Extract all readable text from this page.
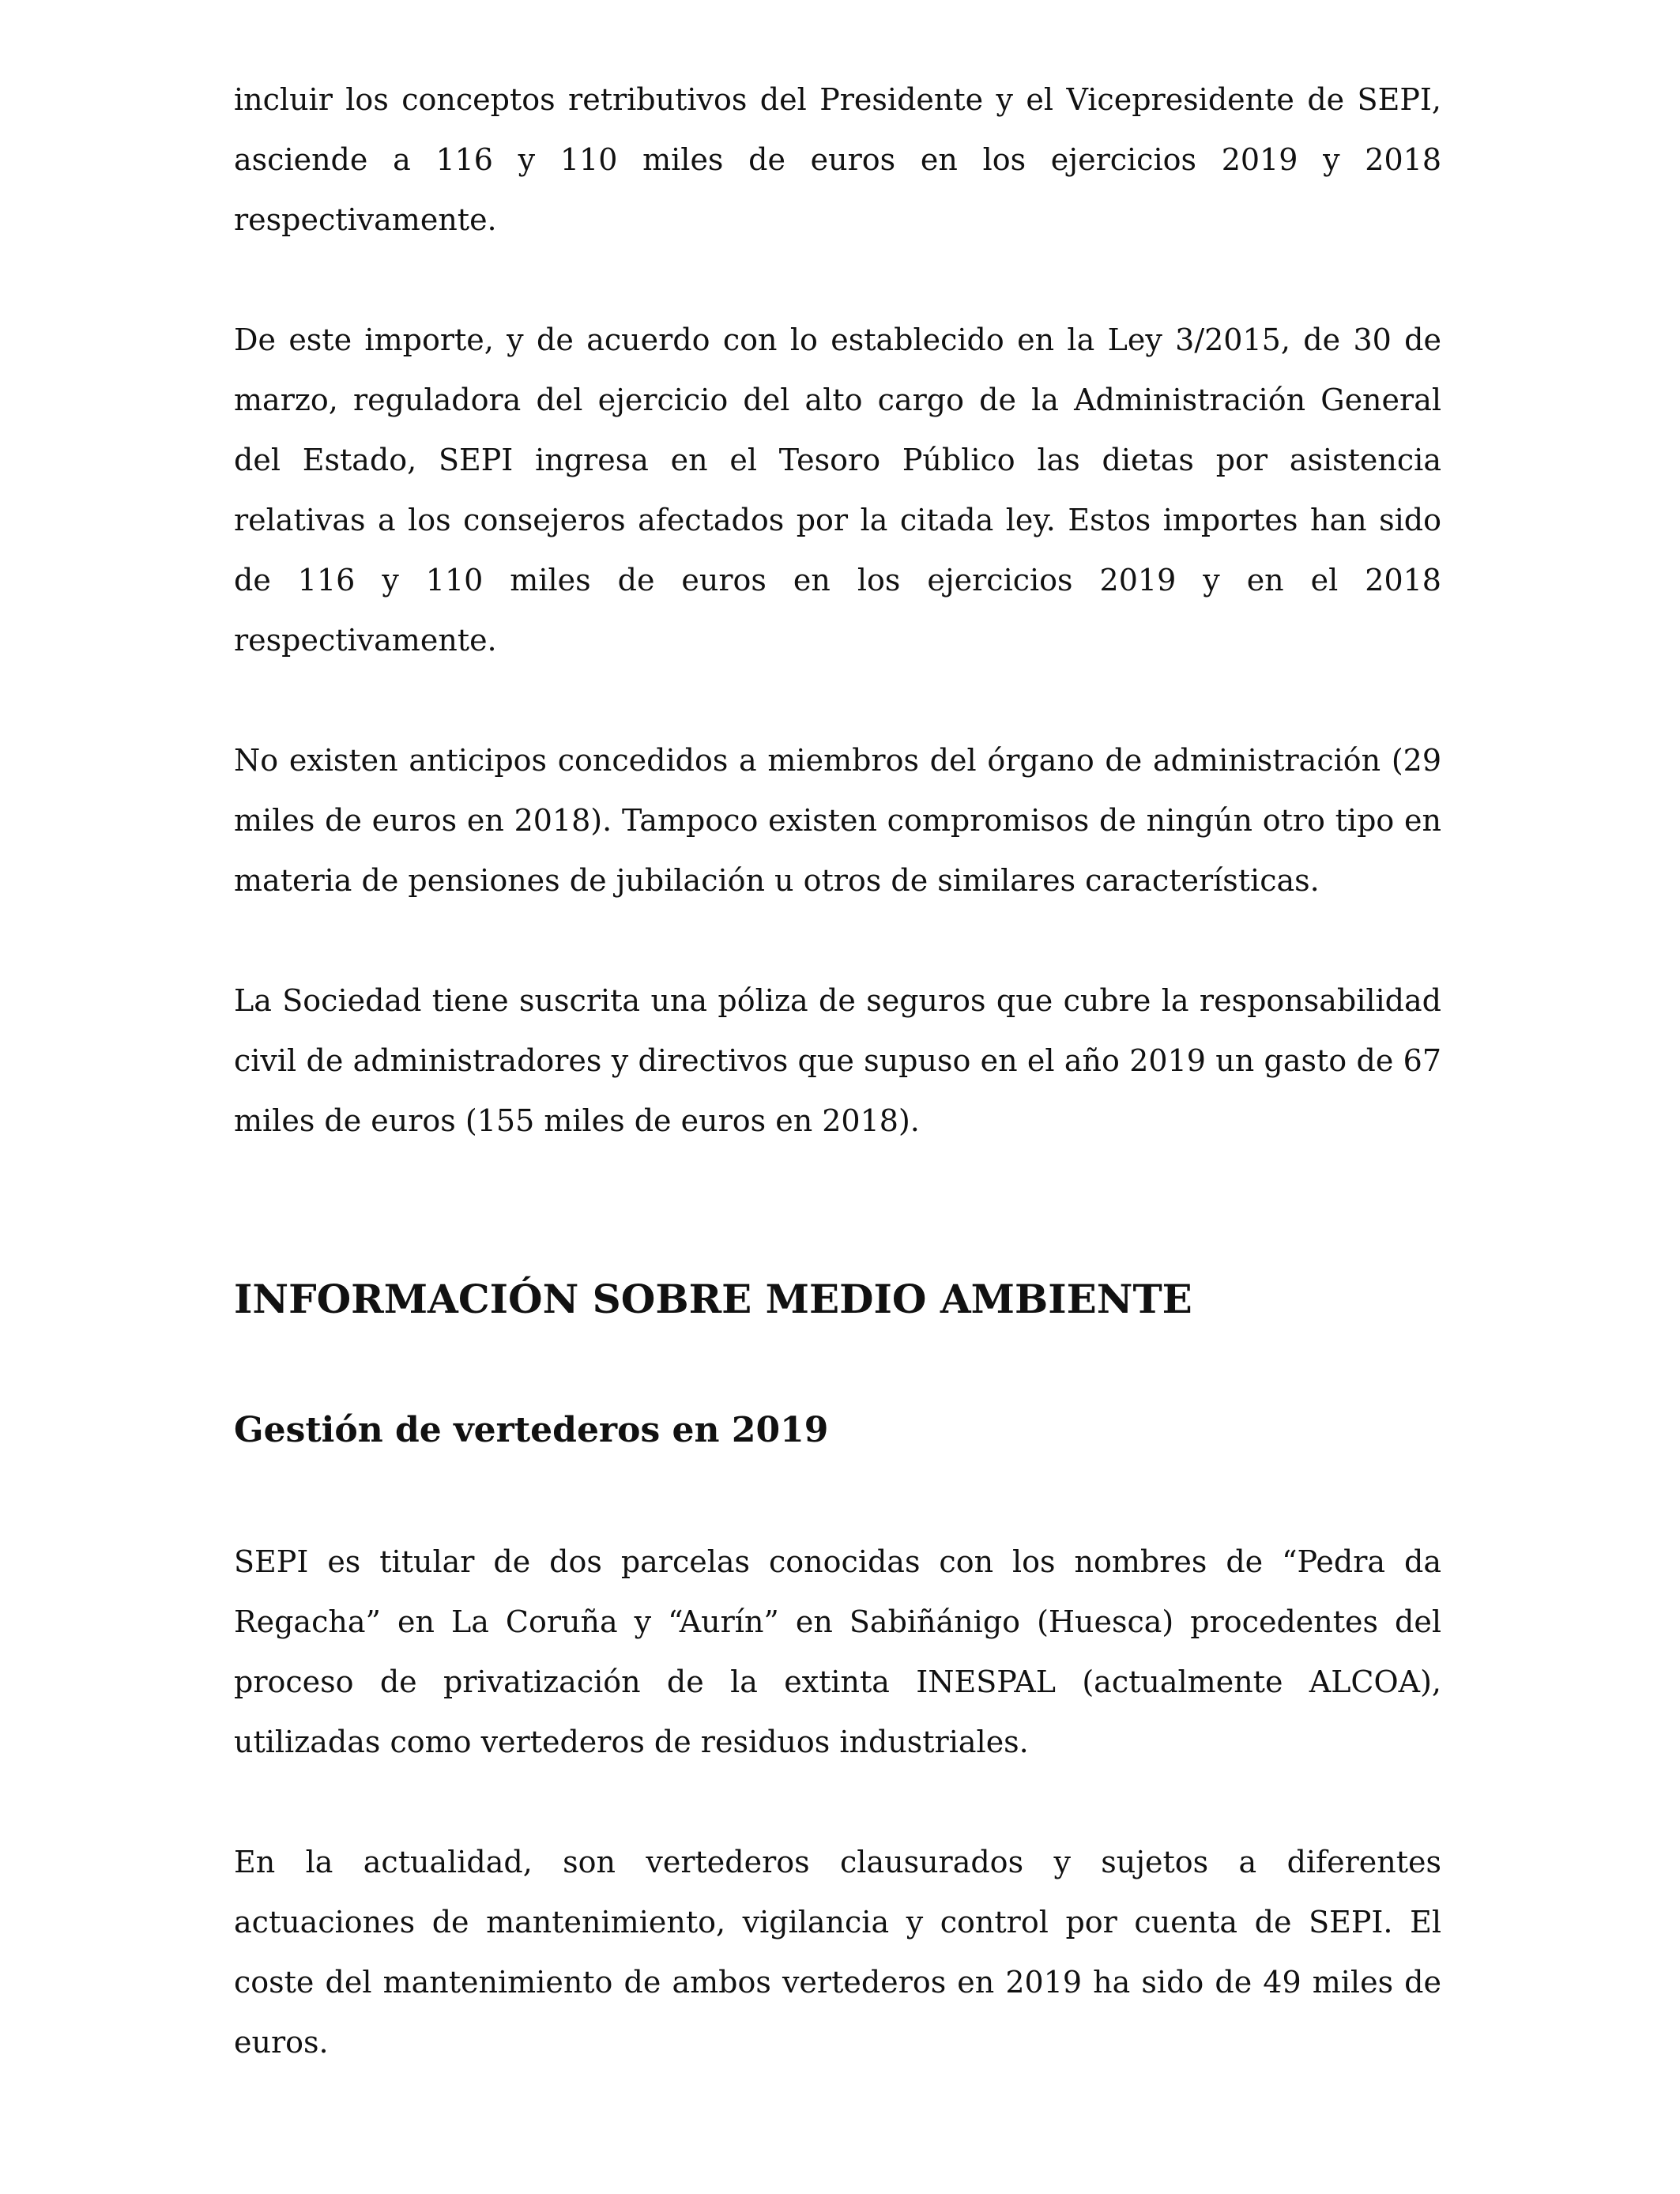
incluir los conceptos retributivos del Presidente y el Vicepresidente de SEPI, asciende a 116 y 110 miles de euros en los ejercicios 2019 y 2018 respectivamente.

De este importe, y de acuerdo con lo establecido en la Ley 3/2015, de 30 de marzo, reguladora del ejercicio del alto cargo de la Administración General del Estado, SEPI ingresa en el Tesoro Público las dietas por asistencia relativas a los consejeros afectados por la citada ley. Estos importes han sido de 116 y 110 miles de euros en los ejercicios 2019 y en el 2018 respectivamente.

No existen anticipos concedidos a miembros del órgano de administración (29 miles de euros en 2018). Tampoco existen compromisos de ningún otro tipo en materia de pensiones de jubilación u otros de similares características.

La Sociedad tiene suscrita una póliza de seguros que cubre la responsabilidad civil de administradores y directivos que supuso en el año 2019 un gasto de 67 miles de euros (155 miles de euros en 2018).

INFORMACIÓN SOBRE MEDIO AMBIENTE
Gestión de vertederos en 2019

SEPI es titular de dos parcelas conocidas con los nombres de “Pedra da Regacha” en La Coruña y “Aurín” en Sabiñánigo (Huesca) procedentes del proceso de privatización de la extinta INESPAL (actualmente ALCOA), utilizadas como vertederos de residuos industriales.

En la actualidad, son vertederos clausurados y sujetos a diferentes actuaciones de mantenimiento, vigilancia y control por cuenta de SEPI. El coste del mantenimiento de ambos vertederos en 2019 ha sido de 49 miles de euros.
